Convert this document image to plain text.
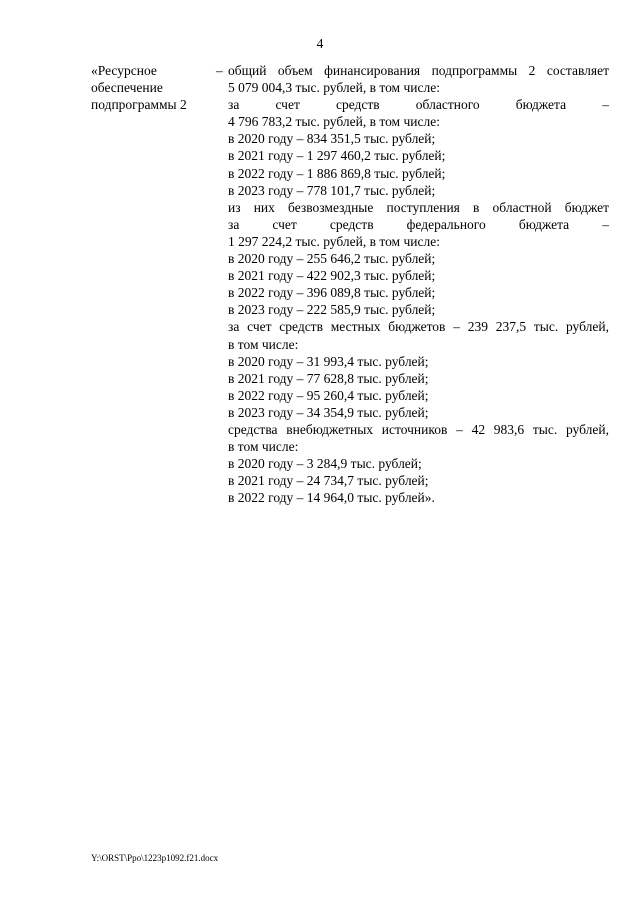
4
«Ресурсное
обеспечение
подпрограммы 2
– общий объем финансирования подпрограммы 2 составляет
5 079 004,3 тыс. рублей, в том числе:
за счет средств областного бюджета –
4 796 783,2 тыс. рублей, в том числе:
в 2020 году – 834 351,5 тыс. рублей;
в 2021 году – 1 297 460,2 тыс. рублей;
в 2022 году – 1 886 869,8 тыс. рублей;
в 2023 году – 778 101,7 тыс. рублей;
из них безвозмездные поступления в областной бюджет
за счет средств федерального бюджета –
1 297 224,2 тыс. рублей, в том числе:
в 2020 году – 255 646,2 тыс. рублей;
в 2021 году – 422 902,3 тыс. рублей;
в 2022 году – 396 089,8 тыс. рублей;
в 2023 году – 222 585,9 тыс. рублей;
за счет средств местных бюджетов – 239 237,5 тыс. рублей,
в том числе:
в 2020 году – 31 993,4 тыс. рублей;
в 2021 году – 77 628,8 тыс. рублей;
в 2022 году – 95 260,4 тыс. рублей;
в 2023 году – 34 354,9 тыс. рублей;
средства внебюджетных источников – 42 983,6 тыс. рублей,
в том числе:
в 2020 году – 3 284,9 тыс. рублей;
в 2021 году – 24 734,7 тыс. рублей;
в 2022 году – 14 964,0 тыс. рублей».
Y:\ORST\Ppo\1223p1092.f21.docx
